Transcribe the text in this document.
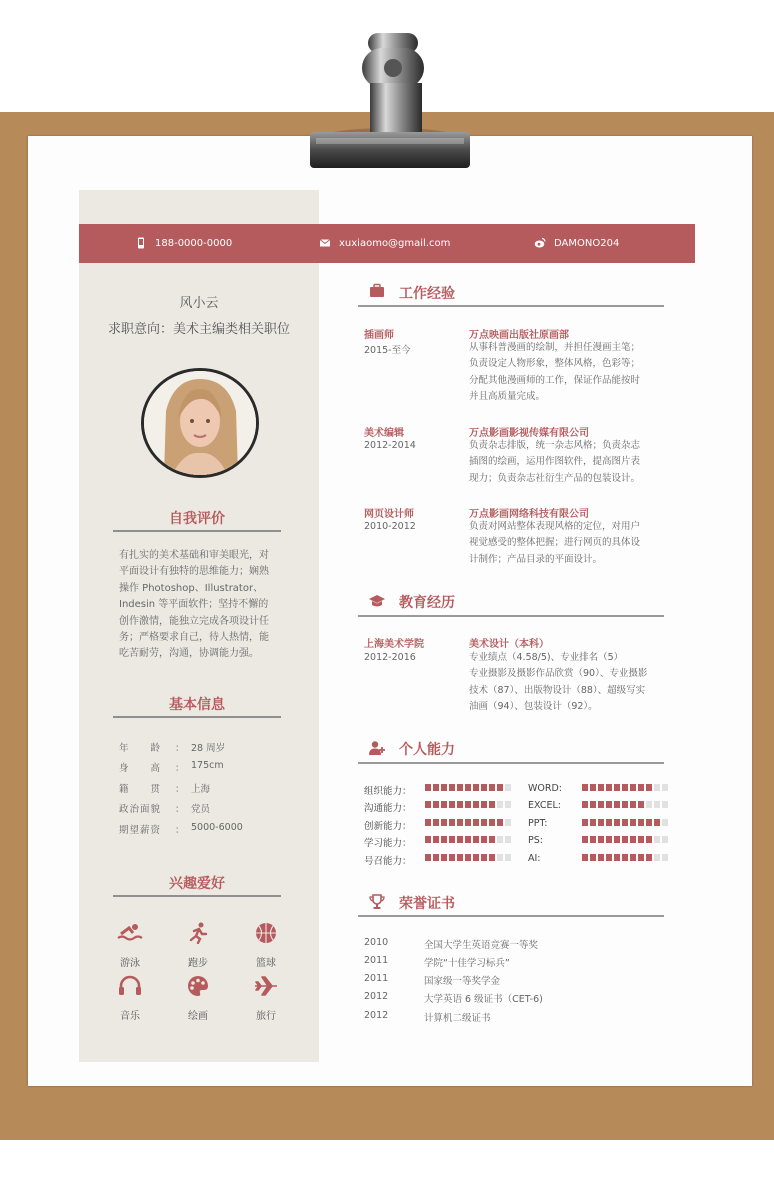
188-0000-0000	xuxiaomo@gmail.com	DAMONO204
风小云
求职意向：美术主编类相关职位
自我评价
有扎实的美术基础和审美眼光，对
平面设计有独特的思维能力；娴熟
操作 Photoshop、Illustrator、
Indesin 等平面软件；坚持不懈的
创作激情，能独立完成各项设计任
务；严格要求自己，待人热情，能
吃苦耐劳，沟通，协调能力强。
基本信息
年　　龄	： 28 周岁
身　　高	： 175cm
籍　　贯	： 上海
政治面貌	： 党员
期望薪资	： 5000-6000
兴趣爱好
游泳	跑步	篮球
音乐	绘画	旅行
工作经验
插画师
2015-至今
万点映画出版社原画部
从事科普漫画的绘制，并担任漫画主笔；
负责设定人物形象，整体风格，色彩等；
分配其他漫画师的工作，保证作品能按时
并且高质量完成。
美术编辑
2012-2014
万点影画影视传媒有限公司
负责杂志排版，统一杂志风格；负责杂志
插图的绘画，运用作图软件，提高图片表
现力；负责杂志社衍生产品的包装设计。
网页设计师
2010-2012
万点影画网络科技有限公司
负责对网站整体表现风格的定位，对用户
视觉感受的整体把握；进行网页的具体设
计制作；产品目录的平面设计。
教育经历
上海美术学院
2012-2016
美术设计（本科）
专业绩点（4.58/5)、专业排名（5）
专业摄影及摄影作品欣赏（90）、专业摄影
技术（87）、出版物设计（88）、超级写实
油画（94）、包装设计（92）。
个人能力
组织能力：
沟通能力：
创新能力：
学习能力：
号召能力：
WORD:
EXCEL:
PPT:
PS:
AI:
荣誉证书
2010	全国大学生英语竞赛一等奖
2011	学院“十佳学习标兵”
2011	国家级一等奖学金
2012	大学英语 6 级证书（CET-6)
2012	计算机二级证书
